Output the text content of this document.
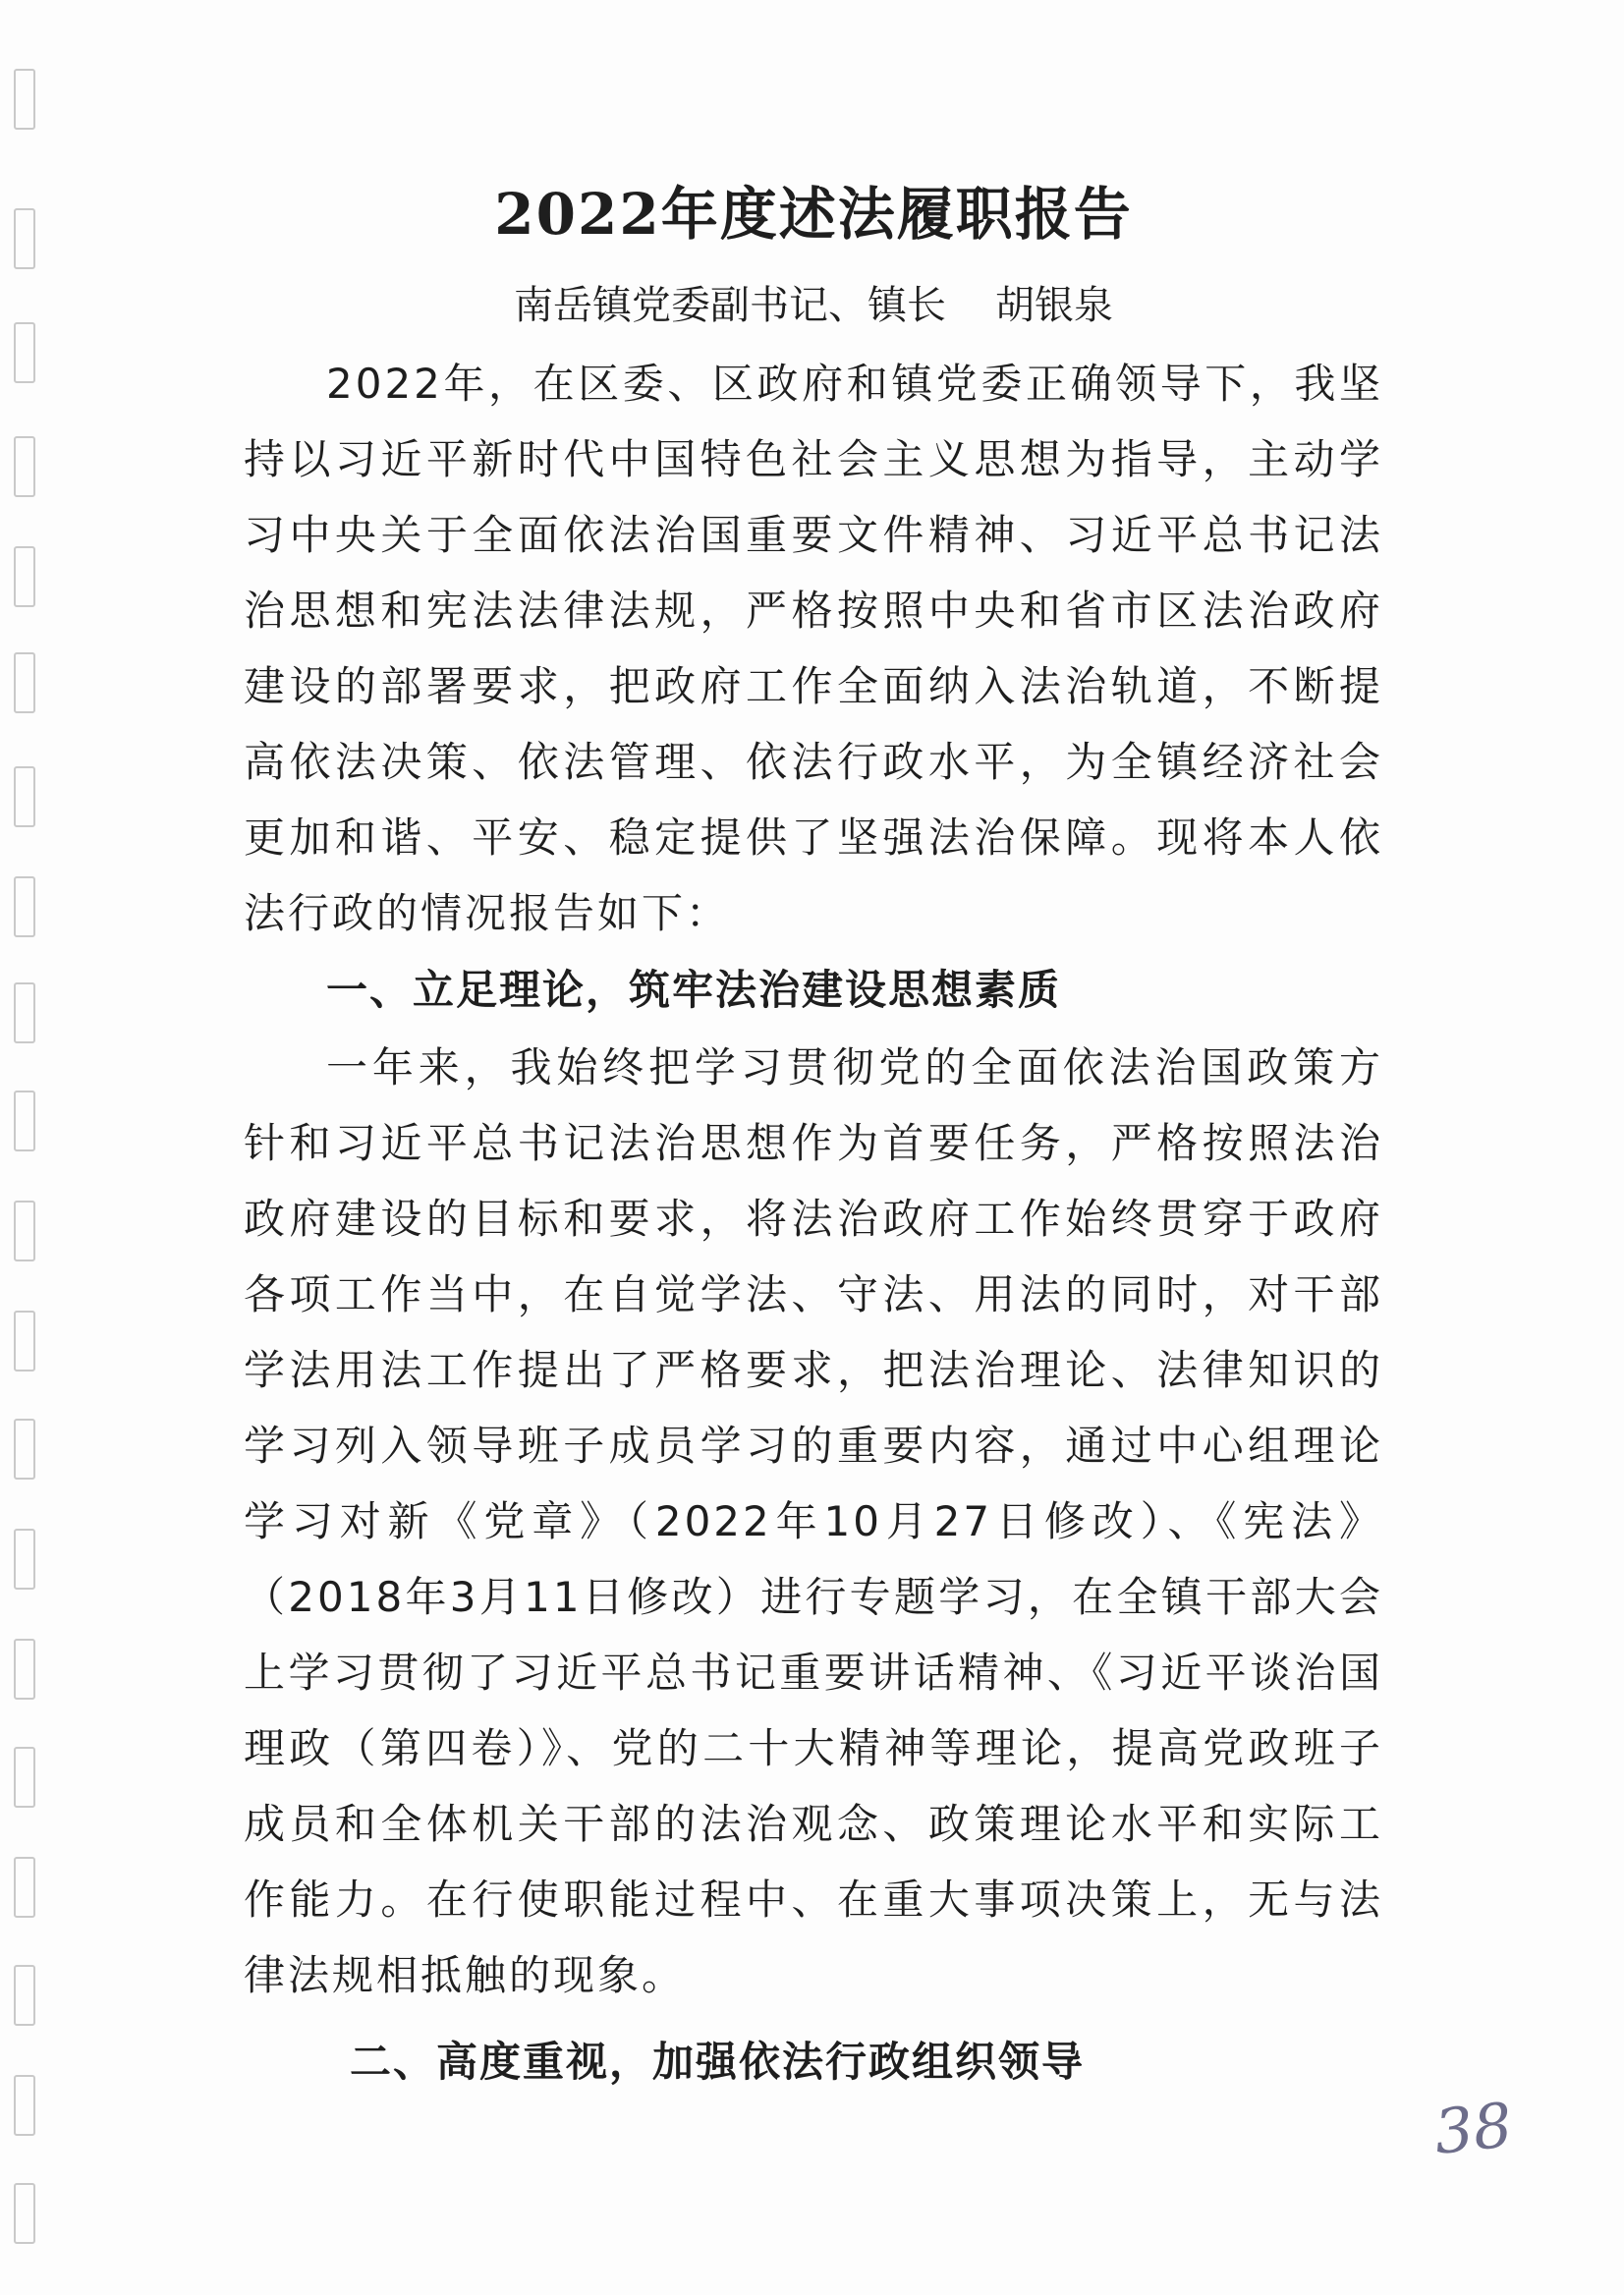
2022年度述法履职报告
南岳镇党委副书记、镇长 胡银泉

2022年，在区委、区政府和镇党委正确领导下，我坚持以习近平新时代中国特色社会主义思想为指导，主动学习中央关于全面依法治国重要文件精神、习近平总书记法治思想和宪法法律法规，严格按照中央和省市区法治政府建设的部署要求，把政府工作全面纳入法治轨道，不断提高依法决策、依法管理、依法行政水平，为全镇经济社会更加和谐、平安、稳定提供了坚强法治保障。现将本人依法行政的情况报告如下：

一、立足理论，筑牢法治建设思想素质

一年来，我始终把学习贯彻党的全面依法治国政策方针和习近平总书记法治思想作为首要任务，严格按照法治政府建设的目标和要求，将法治政府工作始终贯穿于政府各项工作当中，在自觉学法、守法、用法的同时，对干部学法用法工作提出了严格要求，把法治理论、法律知识的学习列入领导班子成员学习的重要内容，通过中心组理论学习对新《党章》（2022年10月27日修改）、《宪法》（2018年3月11日修改）进行专题学习，在全镇干部大会上学习贯彻了习近平总书记重要讲话精神、《习近平谈治国理政（第四卷）》、党的二十大精神等理论，提高党政班子成员和全体机关干部的法治观念、政策理论水平和实际工作能力。在行使职能过程中、在重大事项决策上，无与法律法规相抵触的现象。

二、高度重视，加强依法行政组织领导
38
